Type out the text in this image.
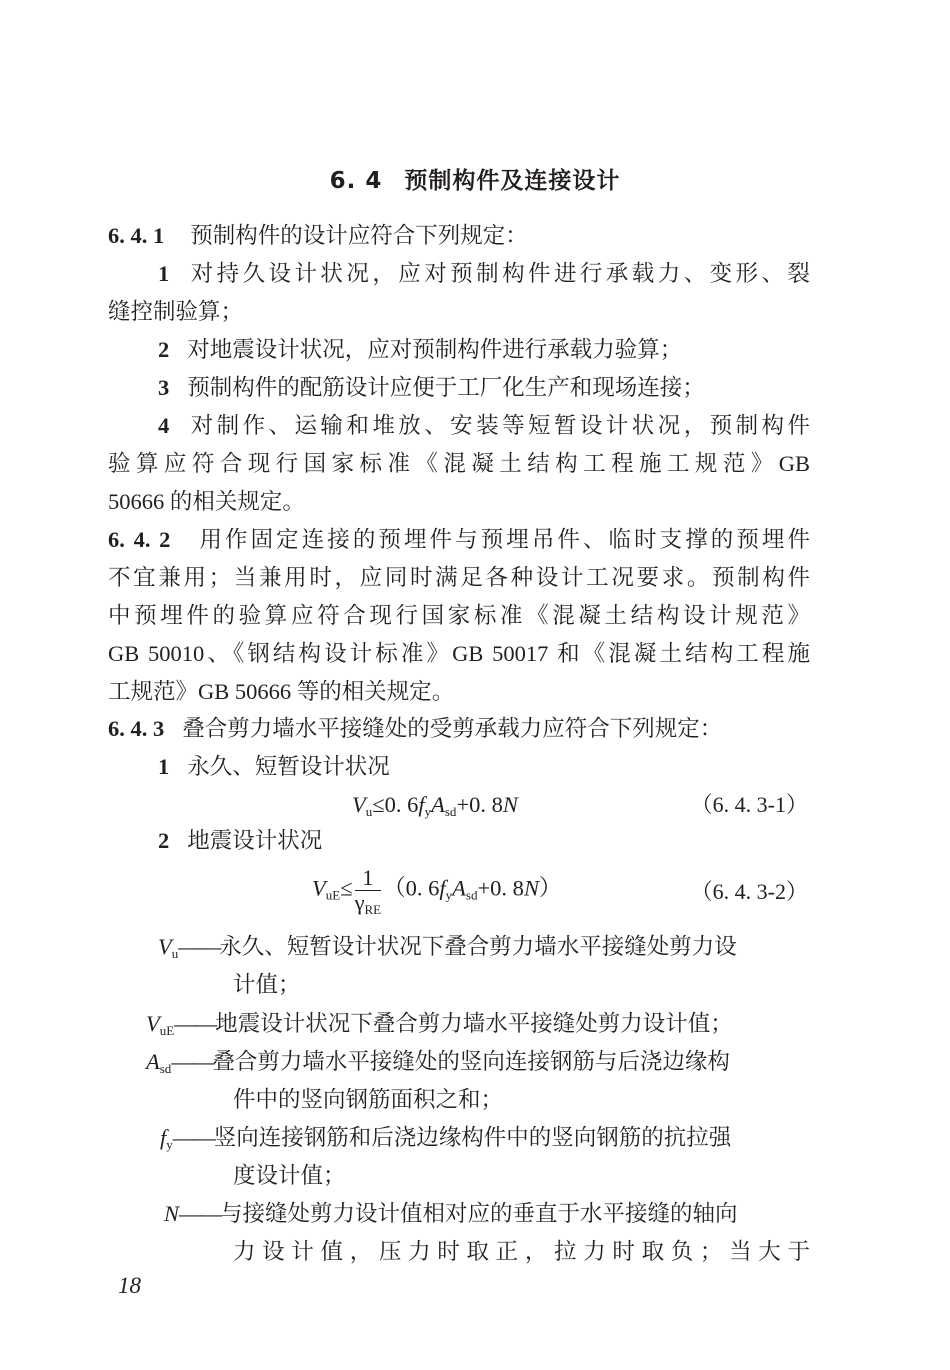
6. 4 预制构件及连接设计
6. 4. 1 预制构件的设计应符合下列规定：
1 对持久设计状况，应对预制构件进行承载力、变形、裂
缝控制验算；
2 对地震设计状况，应对预制构件进行承载力验算；
3 预制构件的配筋设计应便于工厂化生产和现场连接；
4 对制作、运输和堆放、安装等短暂设计状况，预制构件
验算应符合现行国家标准《混凝土结构工程施工规范》GB
50666 的相关规定。
6. 4. 2 用作固定连接的预埋件与预埋吊件、临时支撑的预埋件
不宜兼用；当兼用时，应同时满足各种设计工况要求。预制构件
中预埋件的验算应符合现行国家标准《混凝土结构设计规范》
GB 50010、《钢结构设计标准》GB 50017 和《混凝土结构工程施
工规范》GB 50666 等的相关规定。
6. 4. 3 叠合剪力墙水平接缝处的受剪承载力应符合下列规定：
1 永久、短暂设计状况
$V_u\le 0$. $6f_yA_{sd}+0$. 8N	（6. 4. 3-1）
2 地震设计状况
$V_{uE}\le \frac{1}{\gamma_{RE}} (0$. $6f_yA_{sd}+0$. 8N）	（6. 4. 3-2）
$V_u——$永久、短暂设计状况下叠合剪力墙水平接缝处剪力设
计值；
$V_{uE}——$地震设计状况下叠合剪力墙水平接缝处剪力设计值；
$A_{sd}——$叠合剪力墙水平接缝处的竖向连接钢筋与后浇边缘构
件中的竖向钢筋面积之和；
$f_y——$竖向连接钢筋和后浇边缘构件中的竖向钢筋的抗拉强
度设计值；
N——与接缝处剪力设计值相对应的垂直于水平接缝的轴向
力设计值，压力时取正，拉力时取负；当大于
18
